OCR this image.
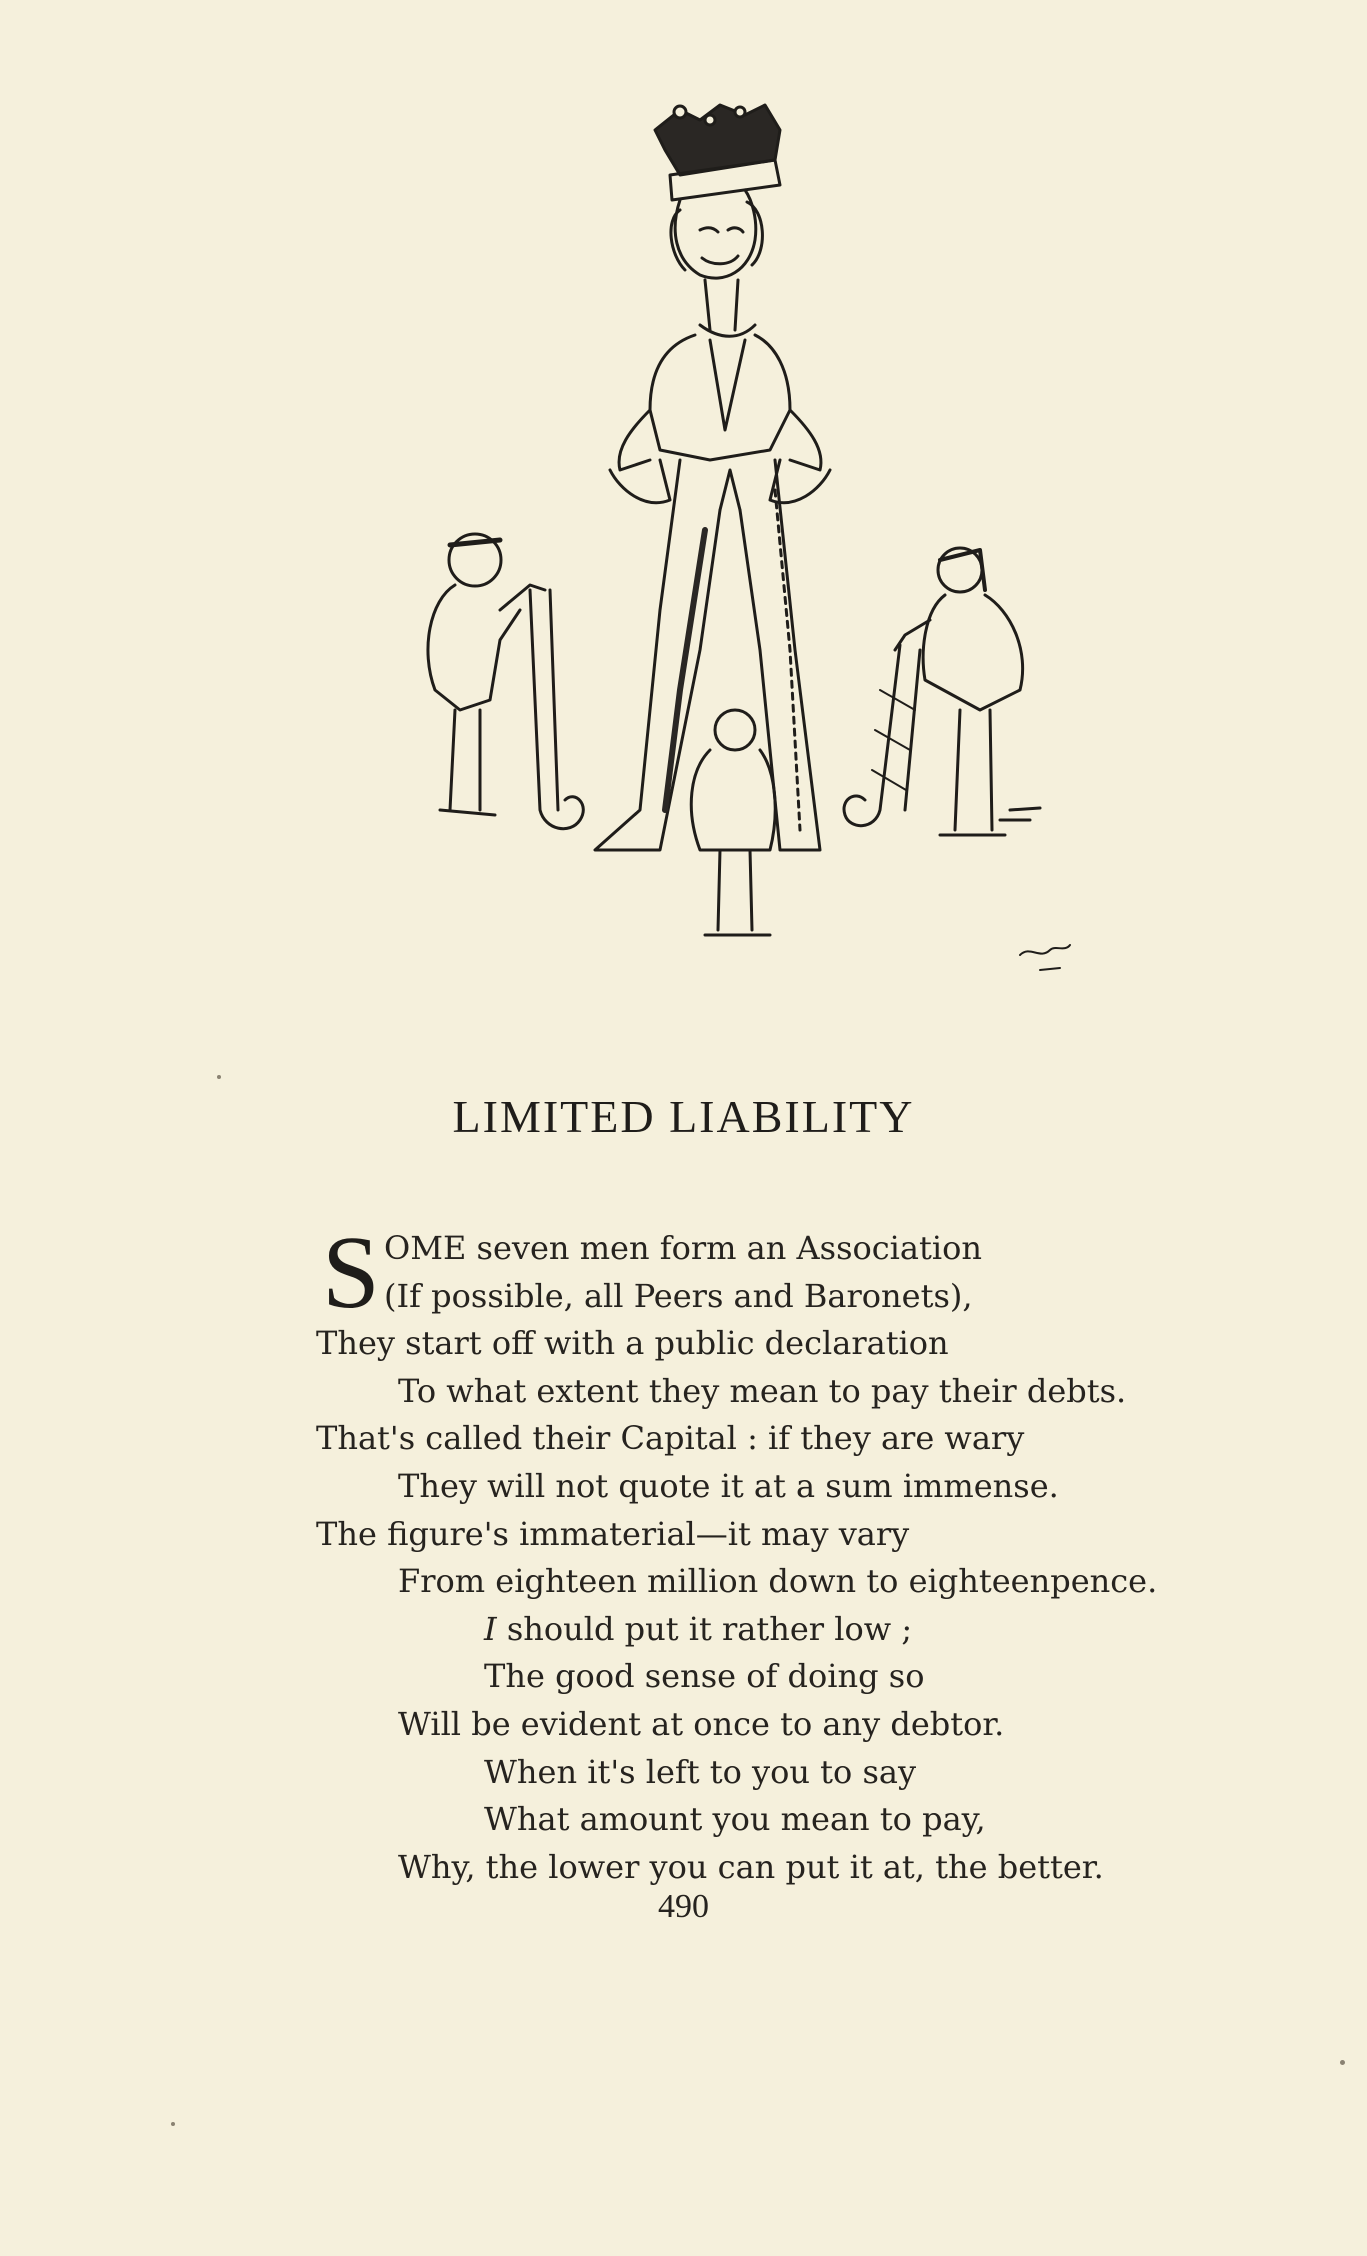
LIMITED LIABILITY
S OME seven men form an Association
(If possible, all Peers and Baronets),
They start off with a public declaration
To what extent they mean to pay their debts.
That's called their Capital : if they are wary
They will not quote it at a sum immense.
The figure's immaterial—it may vary
From eighteen million down to eighteenpence.
I should put it rather low ;
The good sense of doing so
Will be evident at once to any debtor.
When it's left to you to say
What amount you mean to pay,
Why, the lower you can put it at, the better.
490
